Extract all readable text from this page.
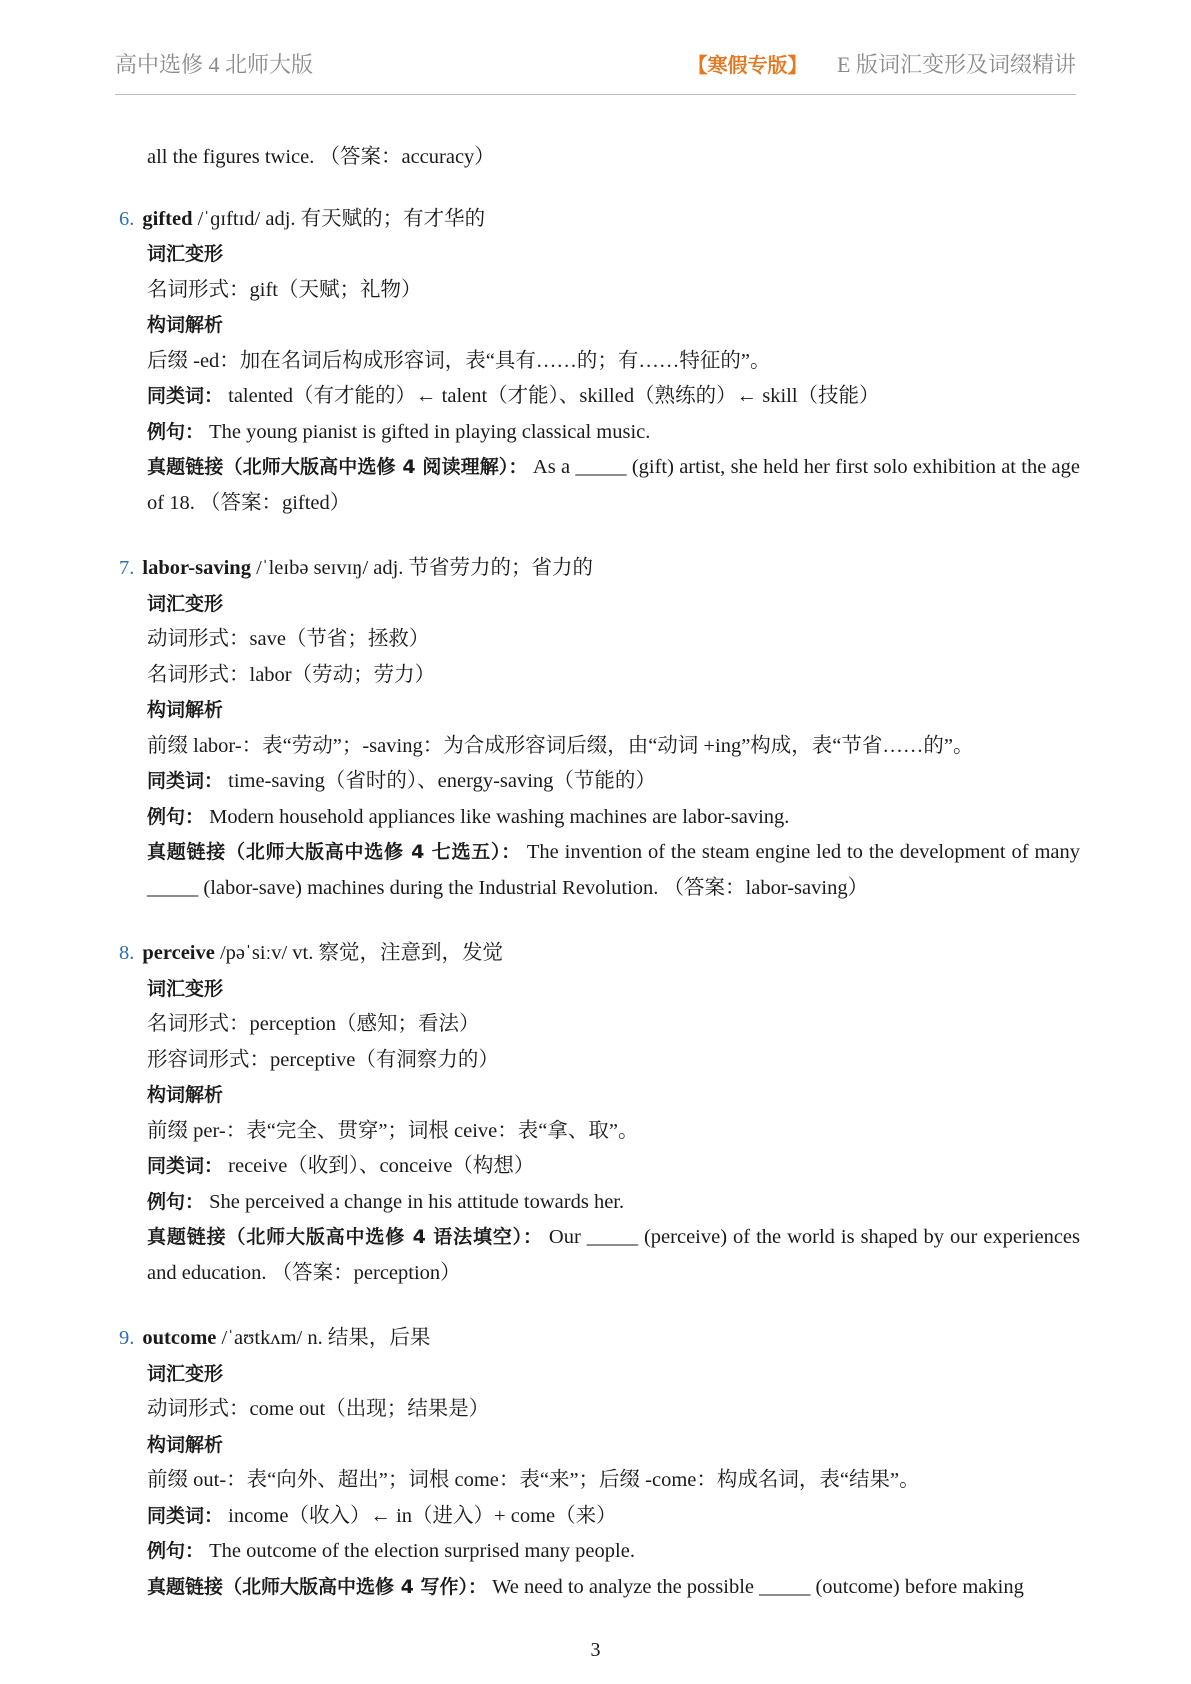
高中选修 4 北师大版	【寒假专版】 E 版词汇变形及词缀精讲
all the figures twice. （答案：accuracy）
6. gifted /ˈɡɪftɪd/ adj. 有天赋的；有才华的
词汇变形
名词形式：gift（天赋；礼物）
构词解析
后缀 -ed：加在名词后构成形容词，表“具有……的；有……特征的”。
同类词： talented（有才能的）← talent（才能）、skilled（熟练的）← skill（技能）
例句： The young pianist is gifted in playing classical music.
真题链接（北师大版高中选修 4 阅读理解）： As a _____ (gift) artist, she held her first solo exhibition at the age of 18. （答案：gifted）
7. labor-saving /ˈleɪbə seɪvɪŋ/ adj. 节省劳力的；省力的
词汇变形
动词形式：save（节省；拯救）
名词形式：labor（劳动；劳力）
构词解析
前缀 labor-：表“劳动”；-saving：为合成形容词后缀，由“动词 +ing”构成，表“节省……的”。
同类词： time-saving（省时的）、energy-saving（节能的）
例句： Modern household appliances like washing machines are labor-saving.
真题链接（北师大版高中选修 4 七选五）： The invention of the steam engine led to the development of many _____ (labor-save) machines during the Industrial Revolution. （答案：labor-saving）
8. perceive /pəˈsiːv/ vt. 察觉，注意到，发觉
词汇变形
名词形式：perception（感知；看法）
形容词形式：perceptive（有洞察力的）
构词解析
前缀 per-：表“完全、贯穿”；词根 ceive：表“拿、取”。
同类词： receive（收到）、conceive（构想）
例句： She perceived a change in his attitude towards her.
真题链接（北师大版高中选修 4 语法填空）： Our _____ (perceive) of the world is shaped by our experiences and education. （答案：perception）
9. outcome /ˈaʊtkʌm/ n. 结果，后果
词汇变形
动词形式：come out（出现；结果是）
构词解析
前缀 out-：表“向外、超出”；词根 come：表“来”；后缀 -come：构成名词，表“结果”。
同类词： income（收入）← in（进入）+ come（来）
例句： The outcome of the election surprised many people.
真题链接（北师大版高中选修 4 写作）： We need to analyze the possible _____ (outcome) before making
3
